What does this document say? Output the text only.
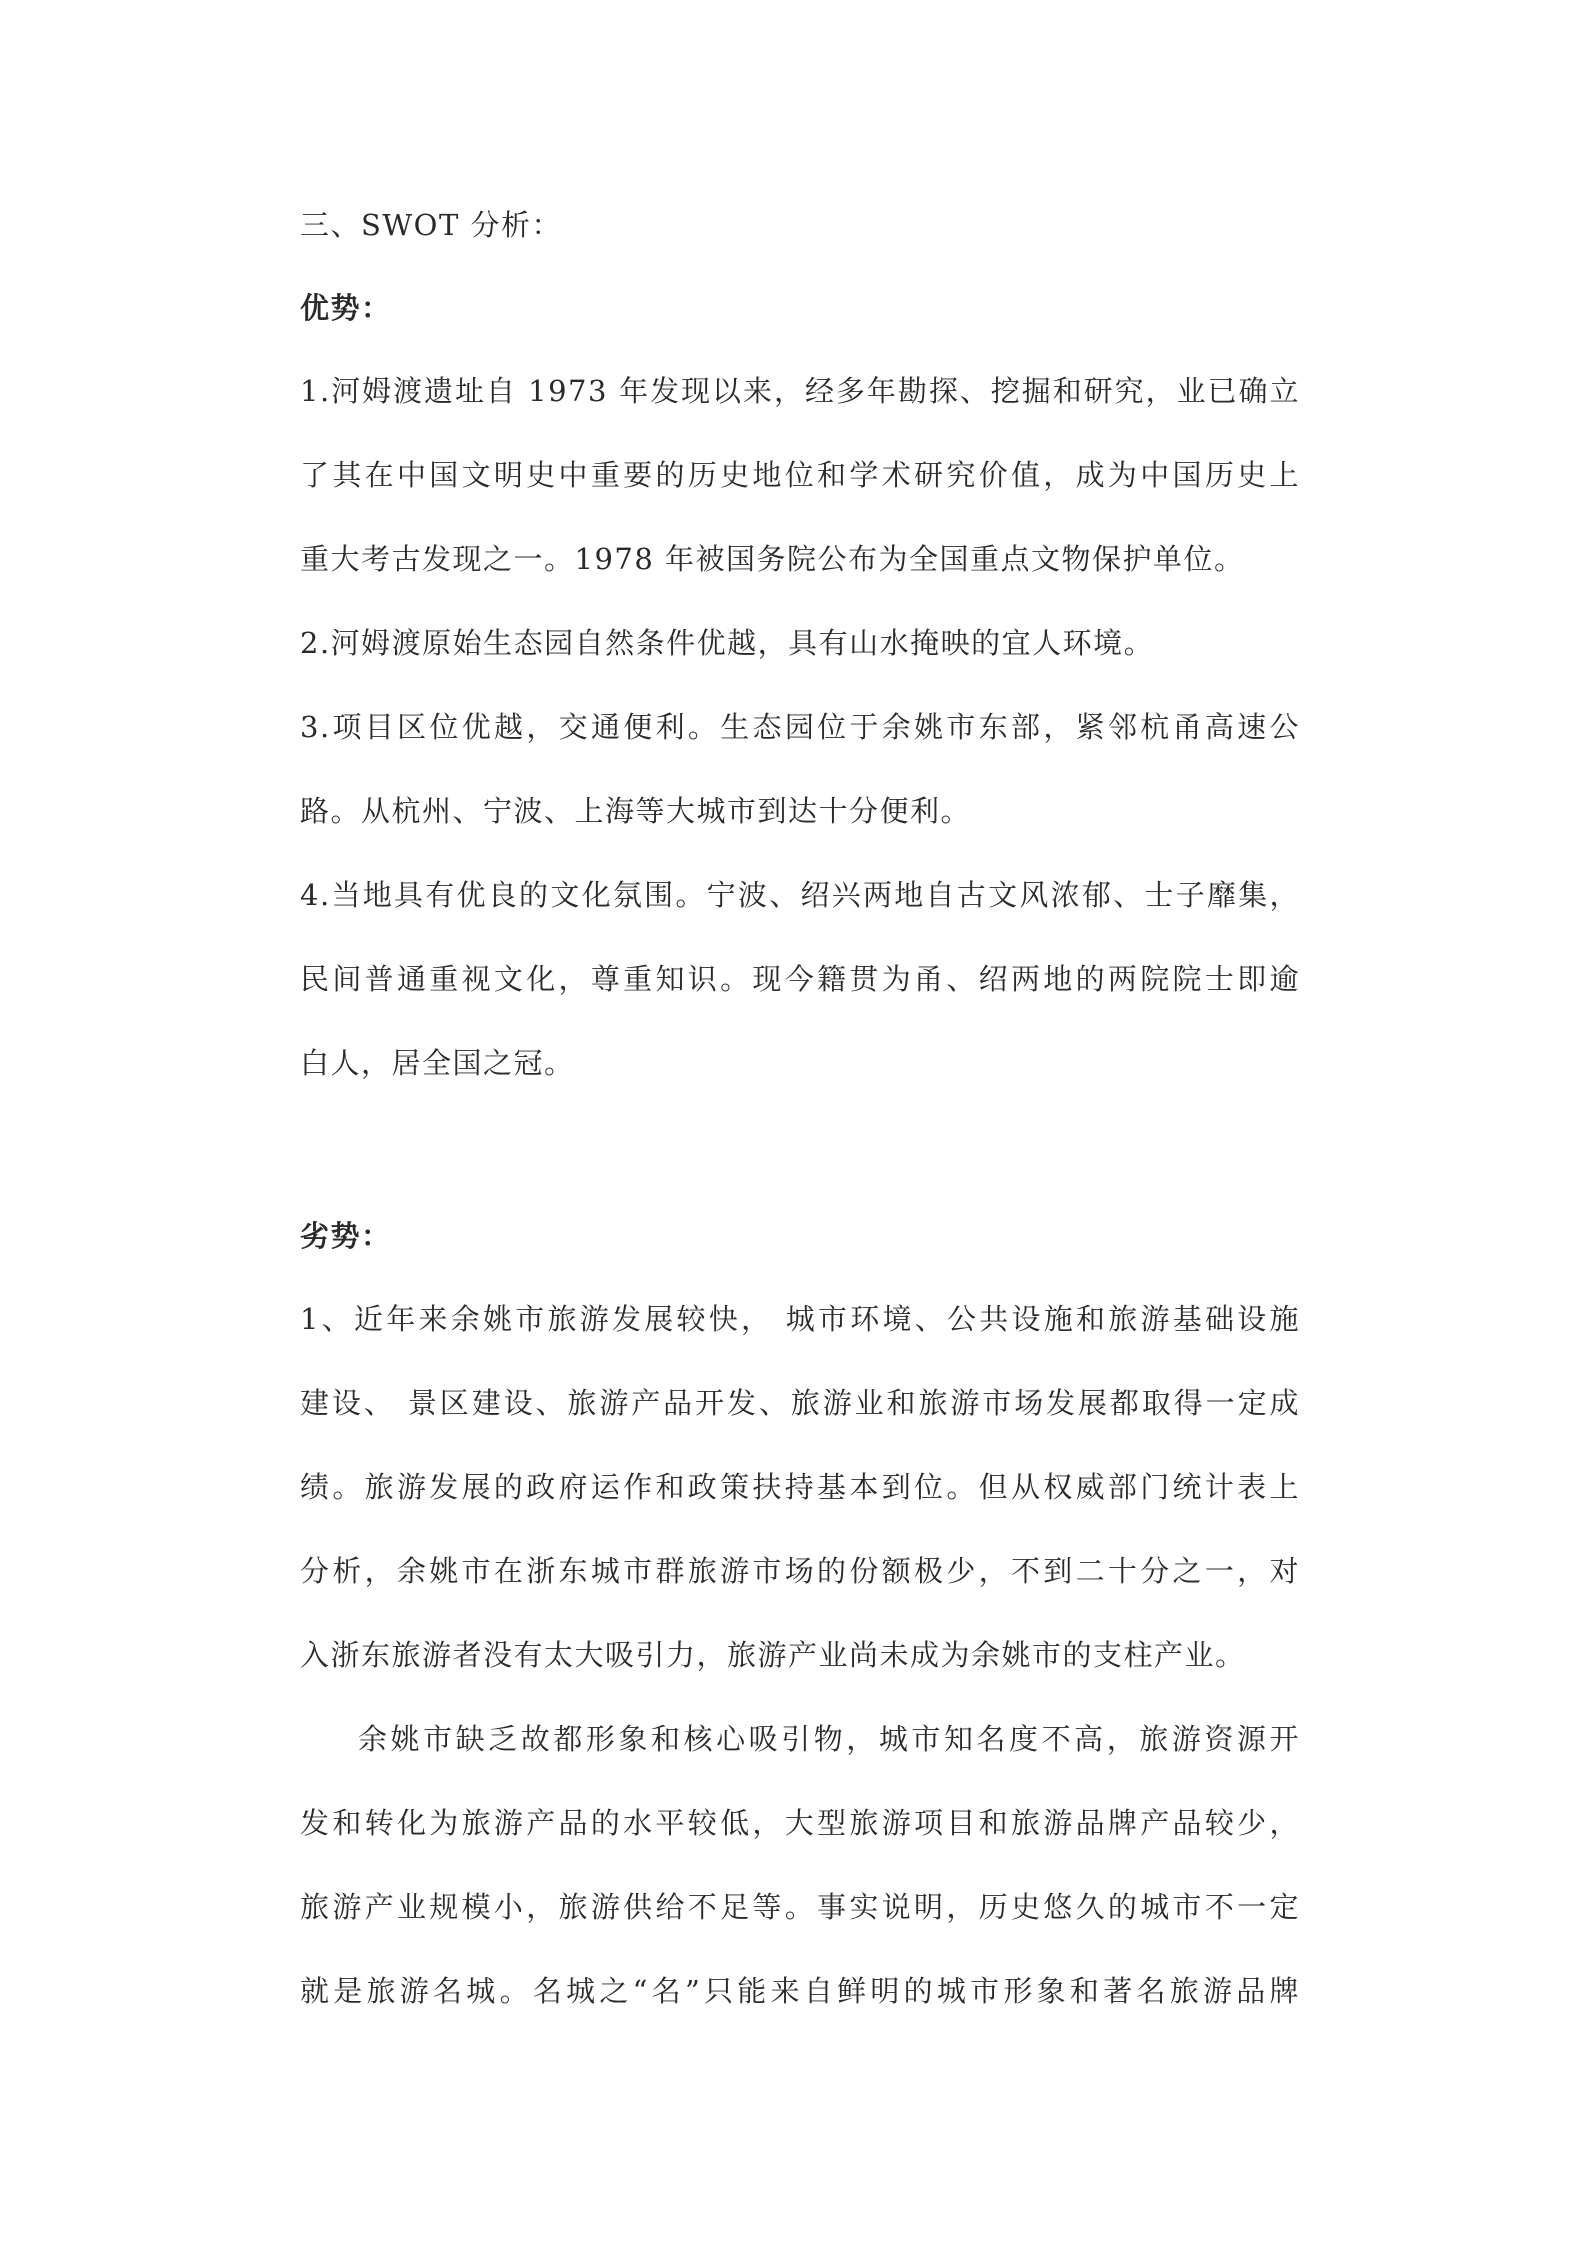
三、SWOT 分析：
优势：
1.河姆渡遗址自 1973 年发现以来，经多年勘探、挖掘和研究，业已确立
了其在中国文明史中重要的历史地位和学术研究价值，成为中国历史上
重大考古发现之一。1978 年被国务院公布为全国重点文物保护单位。
2.河姆渡原始生态园自然条件优越，具有山水掩映的宜人环境。
3.项目区位优越，交通便利。生态园位于余姚市东部，紧邻杭甬高速公
路。从杭州、宁波、上海等大城市到达十分便利。
4.当地具有优良的文化氛围。宁波、绍兴两地自古文风浓郁、士子靡集，
民间普通重视文化，尊重知识。现今籍贯为甬、绍两地的两院院士即逾
白人，居全国之冠。
劣势：
1、近年来余姚市旅游发展较快， 城市环境、公共设施和旅游基础设施
建设、 景区建设、旅游产品开发、旅游业和旅游市场发展都取得一定成
绩。旅游发展的政府运作和政策扶持基本到位。但从权威部门统计表上
分析，余姚市在浙东城市群旅游市场的份额极少，不到二十分之一，对
入浙东旅游者没有太大吸引力，旅游产业尚未成为余姚市的支柱产业。
余姚市缺乏故都形象和核心吸引物，城市知名度不高，旅游资源开
发和转化为旅游产品的水平较低，大型旅游项目和旅游品牌产品较少，
旅游产业规模小，旅游供给不足等。事实说明，历史悠久的城市不一定
就是旅游名城。名城之“名”只能来自鲜明的城市形象和著名旅游品牌
